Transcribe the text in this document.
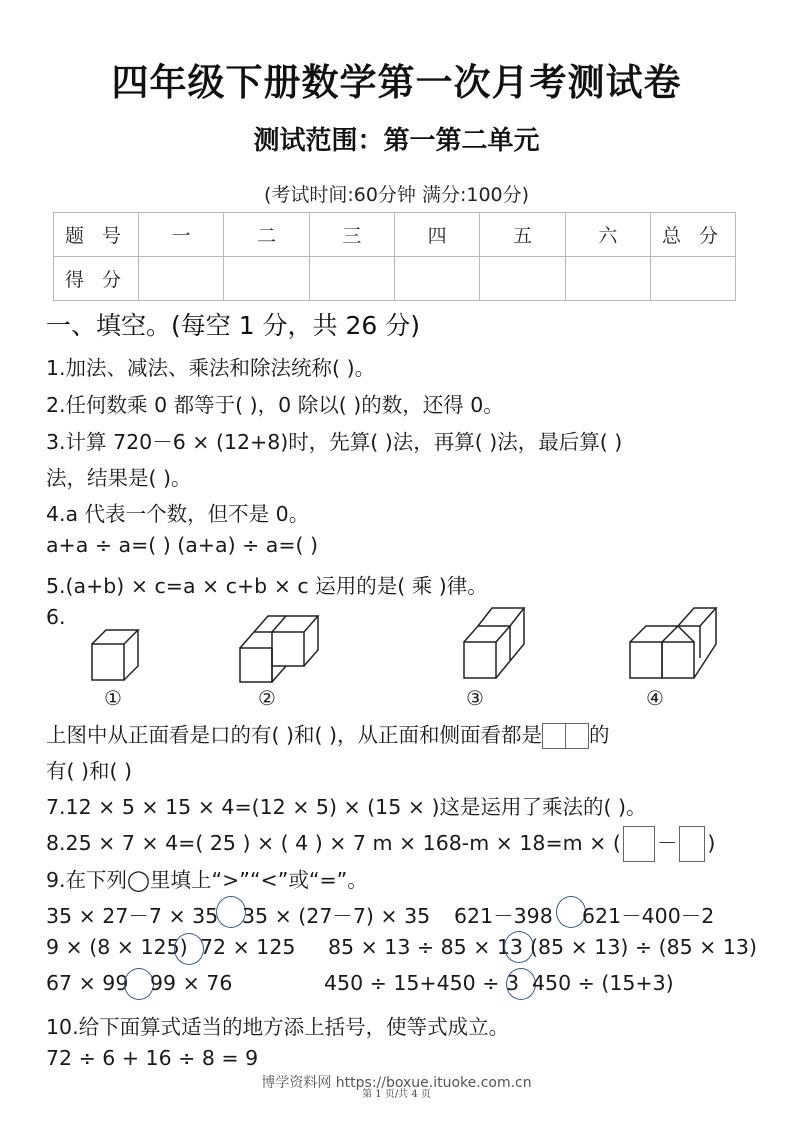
四年级下册数学第一次月考测试卷
测试范围：第一第二单元
(考试时间:60分钟 满分:100分)
题 号	一	二	三	四	五	六	总 分
得 分							
一、填空。(每空 1 分，共 26 分)
1.加法、减法、乘法和除法统称( )。
2.任何数乘 0 都等于( )，0 除以( )的数，还得 0。
3.计算 720－6 × (12+8)时，先算( )法，再算( )法，最后算( )
法，结果是( )。
4.a 代表一个数，但不是 0。
a+a ÷ a=( ) (a+a) ÷ a=( )
5.(a+b) × c=a × c+b × c 运用的是( 乘 )律。
6.
①	②	③	④
上图中从正面看是口的有( )和( )，从正面和侧面看都是 的
有( )和( )
7.12 × 5 × 15 × 4=(12 × 5) × (15 × )这是运用了乘法的( )。
8.25 × 7 × 4=( 25 ) × ( 4 ) × 7 m × 168-m × 18=m × ( － )
9.在下列◯里填上“>”“<”或“=”。
35 × 27－7 × 35 35 × (27－7) × 35 621－398 621－400－2
9 × (8 × 125) 72 × 125 85 × 13 ÷ 85 × 13 (85 × 13) ÷ (85 × 13)
67 × 99 99 × 76	450 ÷ 15+450 ÷ 3 450 ÷ (15+3)
10.给下面算式适当的地方添上括号，使等式成立。
72 ÷ 6 + 16 ÷ 8 = 9
博学资料网 https://boxue.ituoke.com.cn
第 1 页/共 4 页
